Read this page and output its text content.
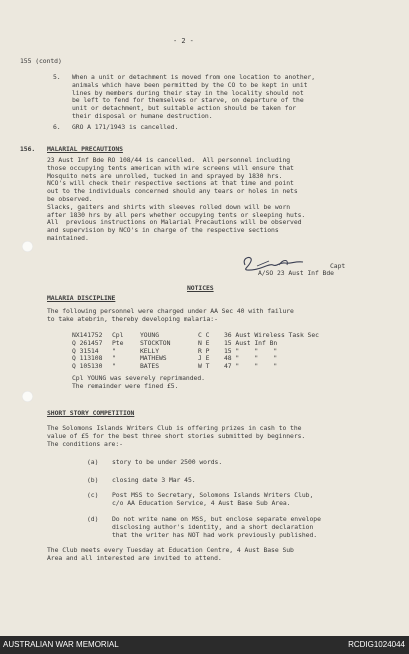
- 2 -
155 (contd)
6.   GRO A 171/1943 is cancelled.
156. MALARIAL PRECAUTIONS
Capt
A/SO 23 Aust Inf Bde
NOTICES
MALARIA DISCIPLINE
SHORT STORY COMPETITION
5.   When a unit or detachment is moved from one location to another,
animals which have been permitted by the CO to be kept in unit
lines by members during their stay in the locality should not
be left to fend for themselves or starve, on departure of the
unit or detachment, but suitable action should be taken for
their disposal or humane destruction.
23 Aust Inf Bde RO 108/44 is cancelled.  All personnel including
those occupying tents american with wire screens will ensure that
Mosquito nets are unrolled, tucked in and sprayed by 1830 hrs.
NCO's will check their respective sections at that time and point
out to the individuals concerned should any tears or holes in nets
be observed.
Slacks, gaiters and shirts with sleeves rolled down will be worn
after 1830 hrs by all pers whether occupying tents or sleeping huts.
All  previous instructions on Malarial Precautions will be observed
and supervision by NCO's in charge of the respective sections
maintained.
The following personnel were charged under AA Sec 40 with failure
to take atebrin, thereby developing malaria:-
NX141752 Cpl	YOUNG	C C 36 Aust Wireless Task Sec
Q 261457 Pte	STOCKTON	N E 15 Aust Inf Bn
Q 31514 "	KELLY	R P 15 "    "    "
Q 113108 "	MATHEWS	J E 48 "    "    "
Q 105130 "	BATES	W T 47 "    "    "
Cpl YOUNG was severely reprimanded.
The remainder were fined £5.
The Solomons Islands Writers Club is offering prizes in cash to the
value of £5 for the best three short stories submitted by beginners.
The conditions are:-
(a) story to be under 2500 words.
(b) closing date 3 Mar 45.
(c) Post MSS to Secretary, Solomons Islands Writers Club,
c/o AA Education Service, 4 Aust Base Sub Area.
(d) Do not write name on MSS, but enclose separate envelope
disclosing author's identity, and a short declaration
that the writer has NOT had work previously published.
The Club meets every Tuesday at Education Centre, 4 Aust Base Sub
Area and all interested are invited to attend.
AUSTRALIAN WAR MEMORIAL	RCDIG1024044
